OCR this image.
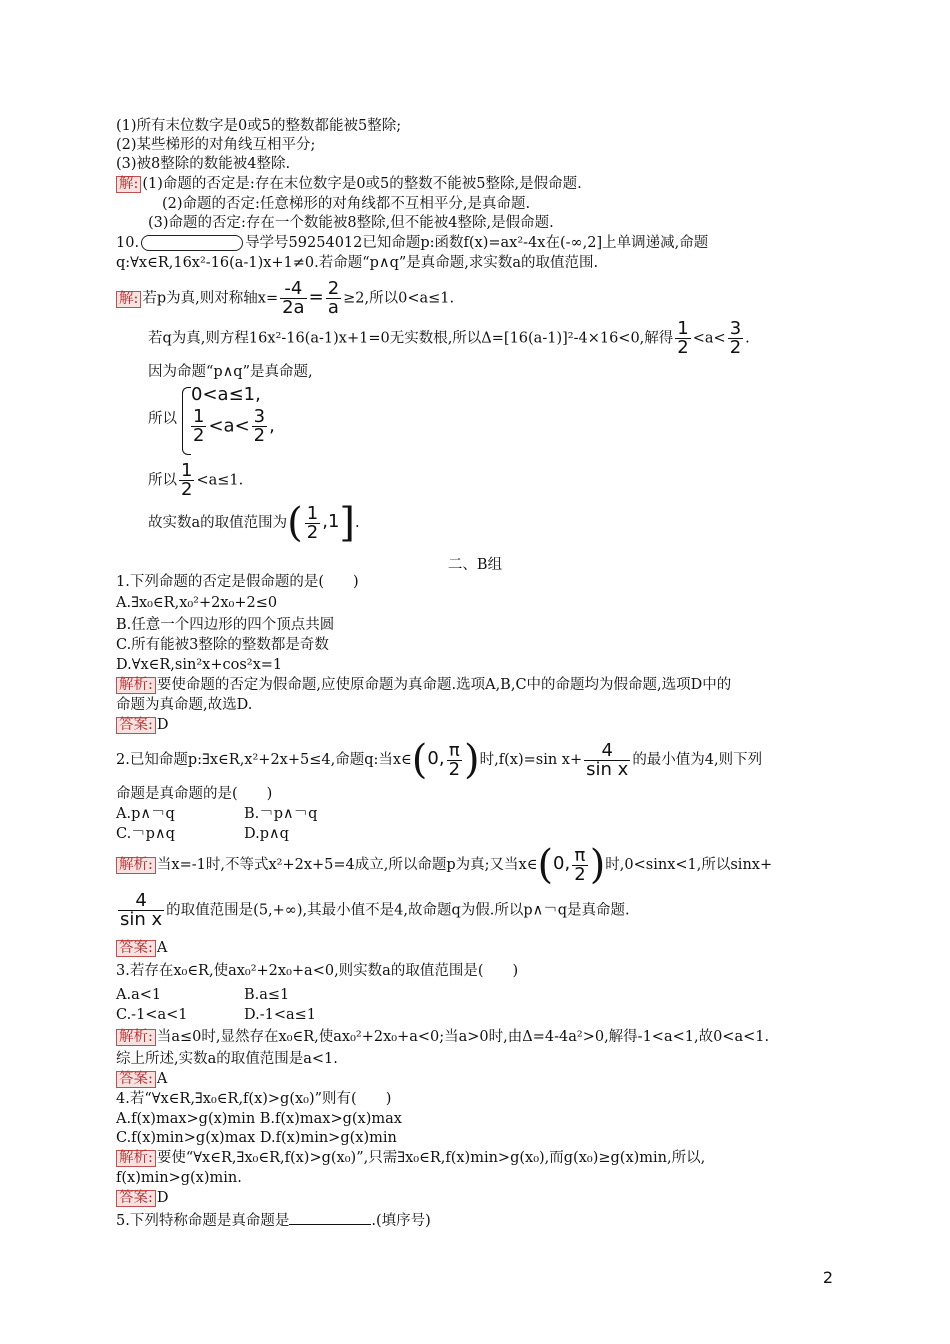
(1)所有末位数字是0或5的整数都能被5整除;
(2)某些梯形的对角线互相平分;
(3)被8整除的数能被4整除.
解: (1)命题的否定是:存在末位数字是0或5的整数不能被5整除,是假命题.
(2)命题的否定:任意梯形的对角线都不互相平分,是真命题.
(3)命题的否定:存在一个数能被8整除,但不能被4整除,是假命题.
10.	导学号59254012已知命题p:函数f(x)=ax²-4x在(-∞,2]上单调递减,命题
q:∀x∈R,16x²-16(a-1)x+1≠0.若命题“p∧q”是真命题,求实数a的取值范围.
解: 若p为真,则对称轴$x= \frac{-4}{2a} = \frac{2}{a} \ge 2$,所以0<a≤1.
若q为真,则方程16x²-16(a-1)x+1=0无实数根,所以Δ=[16(a-1)]²-4×16<0,解得 $\frac{1}{2} <a< \frac{3}{2}$ .
因为命题“p∧q”是真命题,
所以
0<a≤1,
$\frac{1}{2} <a< \frac{3}{2}$ ,
所以 $\frac{1}{2} <a\le 1$.
故实数a的取值范围为( $\frac{1}{2} ,1$].
二、B组
1.下列命题的否定是假命题的是(　　)
A.∃x₀∈R,x₀²+2x₀+2≤0
B.任意一个四边形的四个顶点共圆
C.所有能被3整除的整数都是奇数
D.∀x∈R,sin²x+cos²x=1
解析: 要使命题的否定为假命题,应使原命题为真命题.选项A,B,C中的命题均为假命题,选项D中的
命题为真命题,故选D.
答案: D
2.已知命题p:∃x∈R,x²+2x+5≤4,命题q:当x∈(0, $\frac{\pi}{2}$ )时,f(x)=sin $x+ \frac{4}{\text{sin x}}$ 的最小值为4,则下列
命题是真命题的是(　　)
A.p∧￢q	B.￢p∧￢q
C.￢p∧q	D.p∧q
解析: 当x=-1时,不等式x²+2x+5=4成立,所以命题p为真;又当x∈(0, $\frac{\pi}{2}$ )时,0<sinx<1,所以sinx+
$\frac{4}{\text{sin x}}$ 的取值范围是(5,+∞),其最小值不是4,故命题q为假.所以p∧￢q是真命题.
答案: A
3.若存在x₀∈R,使ax₀²+2x₀+a<0,则实数a的取值范围是(　　)
A.a<1	B.a≤1
C.-1<a<1	D.-1<a≤1
解析: 当a≤0时,显然存在x₀∈R,使ax₀²+2x₀+a<0;当a>0时,由Δ=4-4a²>0,解得-1<a<1,故0<a<1.
综上所述,实数a的取值范围是a<1.
答案: A
4.若“∀x∈R,∃x₀∈R,f(x)>g(x₀)”则有(　　)
A.f(x)max>g(x)min B.f(x)max>g(x)max
C.f(x)min>g(x)max D.f(x)min>g(x)min
解析: 要使“∀x∈R,∃x₀∈R,f(x)>g(x₀)”,只需∃x₀∈R,f(x)min>g(x₀),而g(x₀)≥g(x)min,所以,
f(x)min>g(x)min.
答案: D
5.下列特称命题是真命题是	.(填序号)
2
